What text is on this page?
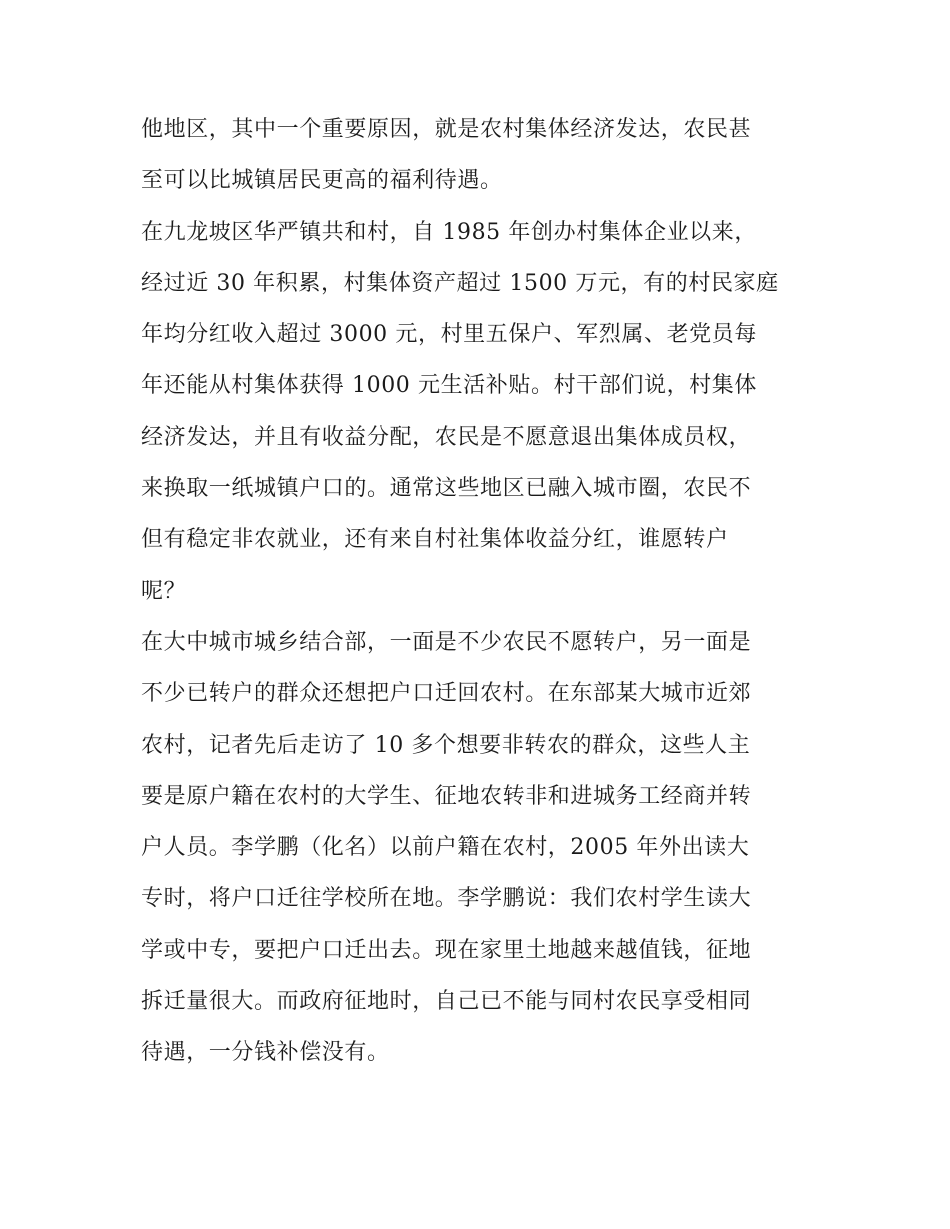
他地区，其中一个重要原因，就是农村集体经济发达，农民甚
至可以比城镇居民更高的福利待遇。
在九龙坡区华严镇共和村，自 1985 年创办村集体企业以来，
经过近 30 年积累，村集体资产超过 1500 万元，有的村民家庭
年均分红收入超过 3000 元，村里五保户、军烈属、老党员每
年还能从村集体获得 1000 元生活补贴。村干部们说，村集体
经济发达，并且有收益分配，农民是不愿意退出集体成员权，
来换取一纸城镇户口的。通常这些地区已融入城市圈，农民不
但有稳定非农就业，还有来自村社集体收益分红，谁愿转户
呢？
在大中城市城乡结合部，一面是不少农民不愿转户，另一面是
不少已转户的群众还想把户口迁回农村。在东部某大城市近郊
农村，记者先后走访了 10 多个想要非转农的群众，这些人主
要是原户籍在农村的大学生、征地农转非和进城务工经商并转
户人员。李学鹏（化名）以前户籍在农村，2005 年外出读大
专时，将户口迁往学校所在地。李学鹏说：我们农村学生读大
学或中专，要把户口迁出去。现在家里土地越来越值钱，征地
拆迁量很大。而政府征地时，自己已不能与同村农民享受相同
待遇，一分钱补偿没有。
